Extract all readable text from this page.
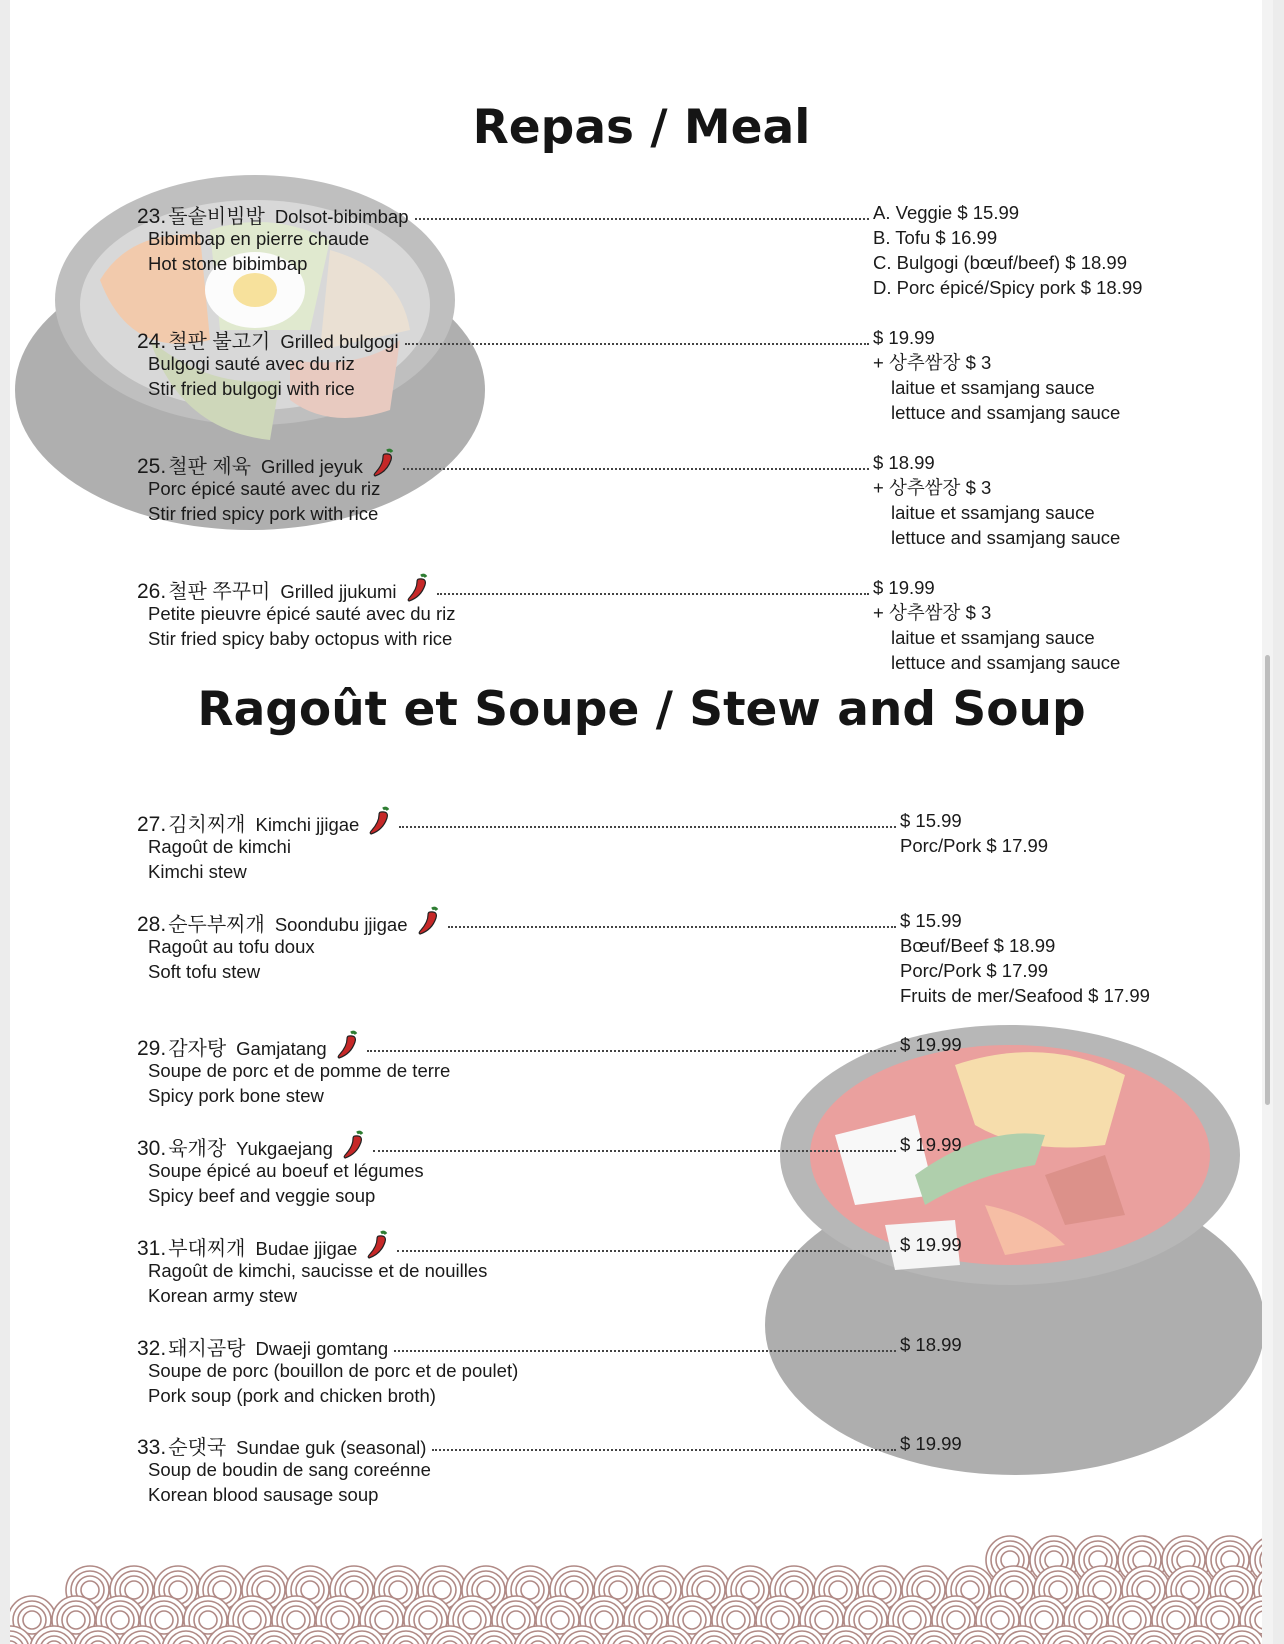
Repas / Meal
Ragoût et Soupe / Stew and Soup
23. 돌솥비빔밥 Dolsot-bibimbap
Bibimbap en pierre chaude
Hot stone bibimbap
A. Veggie $ 15.99
B. Tofu $ 16.99
C. Bulgogi (bœuf/beef) $ 18.99
D. Porc épicé/Spicy pork $ 18.99
24. 철판 불고기 Grilled bulgogi
Bulgogi sauté avec du riz
Stir fried bulgogi with rice
$ 19.99
+ 상추쌈장 $ 3
laitue et ssamjang sauce
lettuce and ssamjang sauce
25. 철판 제육 Grilled jeyuk
Porc épicé sauté avec du riz
Stir fried spicy pork with rice
$ 18.99
+ 상추쌈장 $ 3
laitue et ssamjang sauce
lettuce and ssamjang sauce
26. 철판 쭈꾸미 Grilled jjukumi
Petite pieuvre épicé sauté avec du riz
Stir fried spicy baby octopus with rice
$ 19.99
+ 상추쌈장 $ 3
laitue et ssamjang sauce
lettuce and ssamjang sauce
27. 김치찌개 Kimchi jjigae
Ragoût de kimchi
Kimchi stew
$ 15.99
Porc/Pork $ 17.99
28. 순두부찌개 Soondubu jjigae
Ragoût au tofu doux
Soft tofu stew
$ 15.99
Bœuf/Beef $ 18.99
Porc/Pork $ 17.99
Fruits de mer/Seafood $ 17.99
29. 감자탕 Gamjatang
Soupe de porc et de pomme de terre
Spicy pork bone stew
$ 19.99
30. 육개장 Yukgaejang
Soupe épicé au boeuf et légumes
Spicy beef and veggie soup
$ 19.99
31. 부대찌개 Budae jjigae
Ragoût de kimchi, saucisse et de nouilles
Korean army stew
$ 19.99
32. 돼지곰탕 Dwaeji gomtang
Soupe de porc (bouillon de porc et de poulet)
Pork soup (pork and chicken broth)
$ 18.99
33. 순댓국 Sundae guk (seasonal)
Soup de boudin de sang coreénne
Korean blood sausage soup
$ 19.99
